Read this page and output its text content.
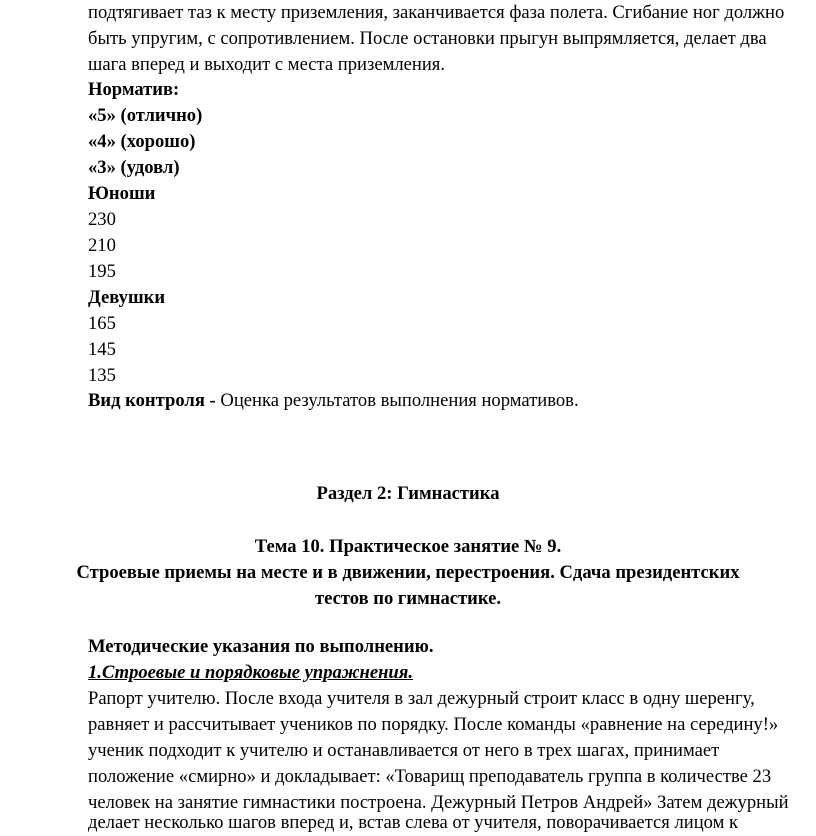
подтягивает таз к месту приземления, заканчивается фаза полета. Сгибание ног должно
быть упругим, с сопротивлением. После остановки прыгун выпрямляется, делает два
шага вперед и выходит с места приземления.
Норматив:
«5» (отлично)
«4» (хорошо)
«3» (удовл)
Юноши
230
210
195
Девушки
165
145
135
Вид контроля - Оценка результатов выполнения нормативов.
Раздел 2: Гимнастика
Тема 10. Практическое занятие № 9.
Строевые приемы на месте и в движении, перестроения. Сдача президентских
тестов по гимнастике.
Методические указания по выполнению.
1.Строевые и порядковые упражнения.
Рапорт учителю. После входа учителя в зал дежурный строит класс в одну шеренгу,
равняет и рассчитывает учеников по порядку. После команды «равнение на середину!»
ученик подходит к учителю и останавливается от него в трех шагах, принимает
положение «смирно» и докладывает: «Товарищ преподаватель группа в количестве 23
человек на занятие гимнастики построена. Дежурный Петров Андрей» Затем дежурный
делает несколько шагов вперед и, встав слева от учителя, поворачивается лицом к
